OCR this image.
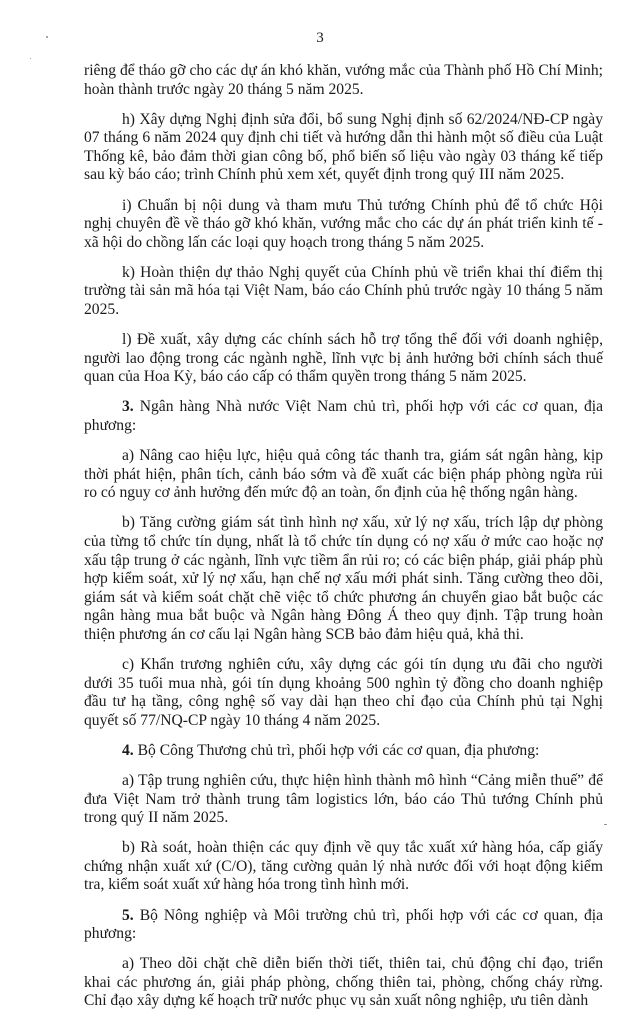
3

riêng để tháo gỡ cho các dự án khó khăn, vướng mắc của Thành phố Hồ Chí Minh; hoàn thành trước ngày 20 tháng 5 năm 2025.

h) Xây dựng Nghị định sửa đổi, bổ sung Nghị định số 62/2024/NĐ-CP ngày 07 tháng 6 năm 2024 quy định chi tiết và hướng dẫn thi hành một số điều của Luật Thống kê, bảo đảm thời gian công bố, phổ biến số liệu vào ngày 03 tháng kế tiếp sau kỳ báo cáo; trình Chính phủ xem xét, quyết định trong quý III năm 2025.

i) Chuẩn bị nội dung và tham mưu Thủ tướng Chính phủ để tổ chức Hội nghị chuyên đề về tháo gỡ khó khăn, vướng mắc cho các dự án phát triển kinh tế - xã hội do chồng lấn các loại quy hoạch trong tháng 5 năm 2025.

k) Hoàn thiện dự thảo Nghị quyết của Chính phủ về triển khai thí điểm thị trường tài sản mã hóa tại Việt Nam, báo cáo Chính phủ trước ngày 10 tháng 5 năm 2025.

l) Đề xuất, xây dựng các chính sách hỗ trợ tổng thể đối với doanh nghiệp, người lao động trong các ngành nghề, lĩnh vực bị ảnh hưởng bởi chính sách thuế quan của Hoa Kỳ, báo cáo cấp có thẩm quyền trong tháng 5 năm 2025.

3. Ngân hàng Nhà nước Việt Nam chủ trì, phối hợp với các cơ quan, địa phương:

a) Nâng cao hiệu lực, hiệu quả công tác thanh tra, giám sát ngân hàng, kịp thời phát hiện, phân tích, cảnh báo sớm và đề xuất các biện pháp phòng ngừa rủi ro có nguy cơ ảnh hưởng đến mức độ an toàn, ổn định của hệ thống ngân hàng.

b) Tăng cường giám sát tình hình nợ xấu, xử lý nợ xấu, trích lập dự phòng của từng tổ chức tín dụng, nhất là tổ chức tín dụng có nợ xấu ở mức cao hoặc nợ xấu tập trung ở các ngành, lĩnh vực tiềm ẩn rủi ro; có các biện pháp, giải pháp phù hợp kiểm soát, xử lý nợ xấu, hạn chế nợ xấu mới phát sinh. Tăng cường theo dõi, giám sát và kiểm soát chặt chẽ việc tổ chức phương án chuyển giao bắt buộc các ngân hàng mua bắt buộc và Ngân hàng Đông Á theo quy định. Tập trung hoàn thiện phương án cơ cấu lại Ngân hàng SCB bảo đảm hiệu quả, khả thi.

c) Khẩn trương nghiên cứu, xây dựng các gói tín dụng ưu đãi cho người dưới 35 tuổi mua nhà, gói tín dụng khoảng 500 nghìn tỷ đồng cho doanh nghiệp đầu tư hạ tầng, công nghệ số vay dài hạn theo chỉ đạo của Chính phủ tại Nghị quyết số 77/NQ-CP ngày 10 tháng 4 năm 2025.

4. Bộ Công Thương chủ trì, phối hợp với các cơ quan, địa phương:

a) Tập trung nghiên cứu, thực hiện hình thành mô hình “Cảng miễn thuế” để đưa Việt Nam trở thành trung tâm logistics lớn, báo cáo Thủ tướng Chính phủ trong quý II năm 2025.

b) Rà soát, hoàn thiện các quy định về quy tắc xuất xứ hàng hóa, cấp giấy chứng nhận xuất xứ (C/O), tăng cường quản lý nhà nước đối với hoạt động kiểm tra, kiểm soát xuất xứ hàng hóa trong tình hình mới.

5. Bộ Nông nghiệp và Môi trường chủ trì, phối hợp với các cơ quan, địa phương:

a) Theo dõi chặt chẽ diễn biến thời tiết, thiên tai, chủ động chỉ đạo, triển khai các phương án, giải pháp phòng, chống thiên tai, phòng, chống cháy rừng. Chỉ đạo xây dựng kế hoạch trữ nước phục vụ sản xuất nông nghiệp, ưu tiên dành
